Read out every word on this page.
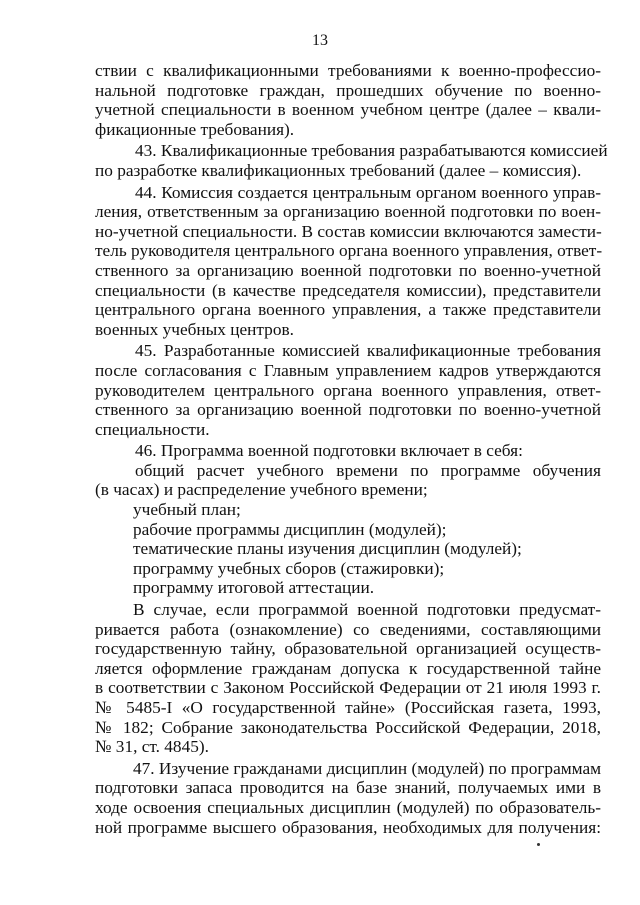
13
ствии с квалификационными требованиями к военно-профессио-
нальной подготовке граждан, прошедших обучение по военно-
учетной специальности в военном учебном центре (далее – квали-
фикационные требования).
43. Квалификационные требования разрабатываются комиссией
по разработке квалификационных требований (далее – комиссия).
44. Комиссия создается центральным органом военного управ-
ления, ответственным за организацию военной подготовки по воен-
но-учетной специальности. В состав комиссии включаются замести-
тель руководителя центрального органа военного управления, ответ-
ственного за организацию военной подготовки по военно-учетной
специальности (в качестве председателя комиссии), представители
центрального органа военного управления, а также представители
военных учебных центров.
45. Разработанные комиссией квалификационные требования
после согласования с Главным управлением кадров утверждаются
руководителем центрального органа военного управления, ответ-
ственного за организацию военной подготовки по военно-учетной
специальности.
46. Программа военной подготовки включает в себя:
общий расчет учебного времени по программе обучения
(в часах) и распределение учебного времени;
учебный план;
рабочие программы дисциплин (модулей);
тематические планы изучения дисциплин (модулей);
программу учебных сборов (стажировки);
программу итоговой аттестации.
В случае, если программой военной подготовки предусмат-
ривается работа (ознакомление) со сведениями, составляющими
государственную тайну, образовательной организацией осуществ-
ляется оформление гражданам допуска к государственной тайне
в соответствии с Законом Российской Федерации от 21 июля 1993 г.
№ 5485-I «О государственной тайне» (Российская газета, 1993,
№ 182; Собрание законодательства Российской Федерации, 2018,
№ 31, ст. 4845).
47. Изучение гражданами дисциплин (модулей) по программам
подготовки запаса проводится на базе знаний, получаемых ими в
ходе освоения специальных дисциплин (модулей) по образователь-
ной программе высшего образования, необходимых для получения:
